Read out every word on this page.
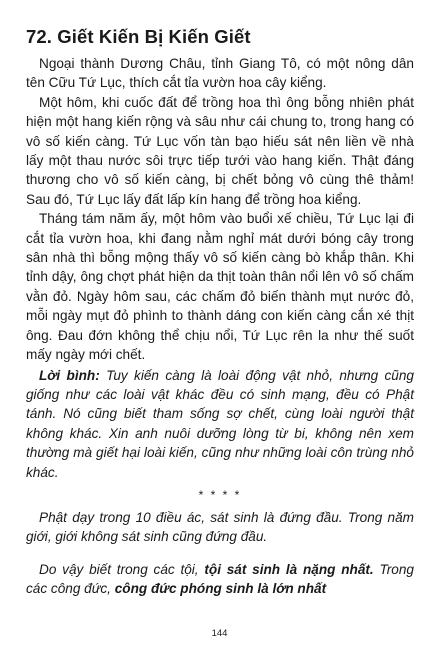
72. Giết Kiến Bị Kiến Giết

Ngoại thành Dương Châu, tỉnh Giang Tô, có một nông dân tên Cữu Tứ Lục, thích cắt tỉa vườn hoa cây kiểng.

Một hôm, khi cuốc đất để trồng hoa thì ông bỗng nhiên phát hiện một hang kiến rộng và sâu như cái chung to, trong hang có vô số kiến càng. Tứ Lục vốn tàn bạo hiếu sát nên liền về nhà lấy một thau nước sôi trực tiếp tưới vào hang kiến. Thật đáng thương cho vô số kiến càng, bị chết bỏng vô cùng thê thảm! Sau đó, Tứ Lục lấy đất lấp kín hang để trồng hoa kiểng.

Tháng tám năm ấy, một hôm vào buổi xế chiều, Tứ Lục lại đi cắt tỉa vườn hoa, khi đang nằm nghỉ mát dưới bóng cây trong sân nhà thì bỗng mộng thấy vô số kiến càng bò khắp thân. Khi tỉnh dậy, ông chợt phát hiện da thịt toàn thân nổi lên vô số chấm vằn đỏ. Ngày hôm sau, các chấm đỏ biến thành mụt nước đỏ, mỗi ngày mụt đỏ phình to thành dáng con kiến càng cắn xé thịt ông. Đau đớn không thể chịu nổi, Tứ Lục rên la như thế suốt mấy ngày mới chết.

Lời bình: Tuy kiến càng là loài động vật nhỏ, nhưng cũng giống như các loài vật khác đều có sinh mạng, đều có Phật tánh. Nó cũng biết tham sống sợ chết, cùng loài người thật không khác. Xin anh nuôi dưỡng lòng từ bi, không nên xem thường mà giết hại loài kiến, cũng như những loài côn trùng nhỏ khác.

* * * *

Phật dạy trong 10 điều ác, sát sinh là đứng đầu. Trong năm giới, giới không sát sinh cũng đứng đầu.

Do vậy biết trong các tội, tội sát sinh là nặng nhất. Trong các công đức, công đức phóng sinh là lớn nhất

144
